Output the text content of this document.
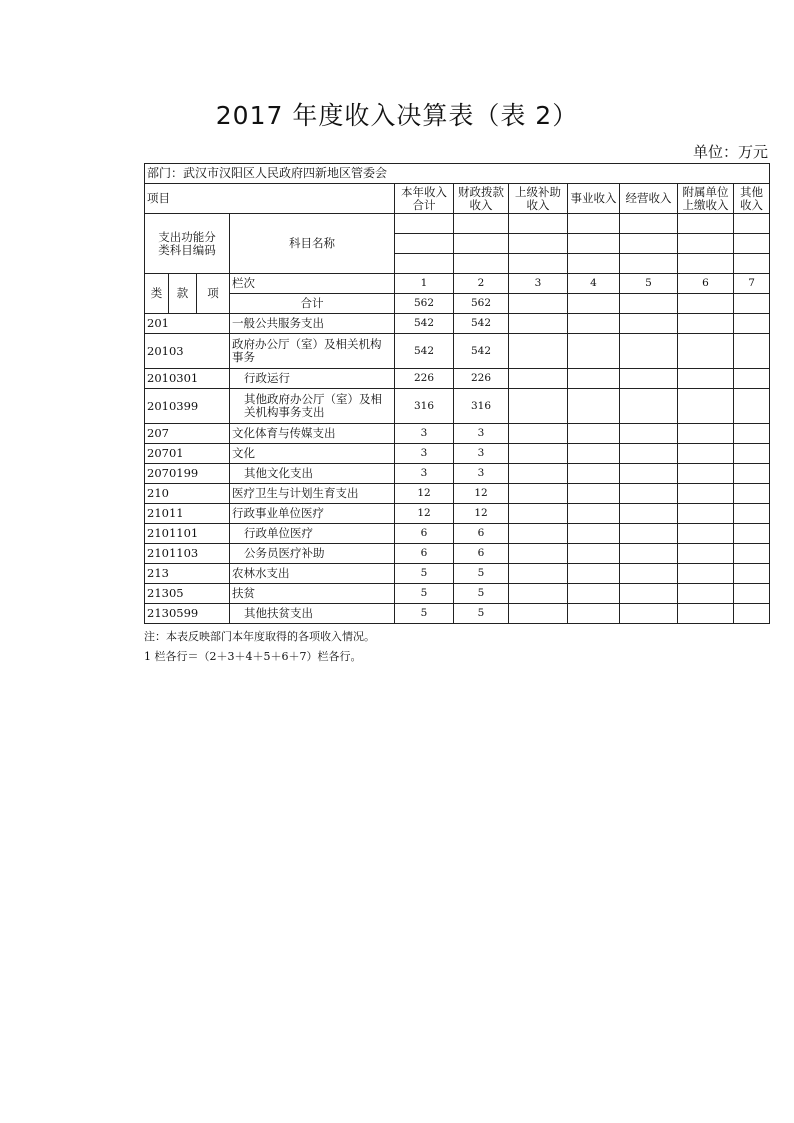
2017 年度收入决算表（表 2）
单位：万元
部门：武汉市汉阳区人民政府四新地区管委会										
项目				本年收入合计	财政拨款收入	上级补助收入	事业收入	经营收入	附属单位上缴收入	其他收入
支出功能分类科目编码			科目名称							

类	款	项	栏次	1	2	3	4	5	6	7
			合计	562	562					
201			一般公共服务支出	542	542					
20103			政府办公厅（室）及相关机构事务	542	542					
2010301			行政运行	226	226					
2010399			其他政府办公厅（室）及相关机构事务支出	316	316					
207			文化体育与传媒支出	3	3					
20701			文化	3	3					
2070199			其他文化支出	3	3					
210			医疗卫生与计划生育支出	12	12					
21011			行政事业单位医疗	12	12					
2101101			行政单位医疗	6	6					
2101103			公务员医疗补助	6	6					
213			农林水支出	5	5					
21305			扶贫	5	5					
2130599			其他扶贫支出	5	5					
注：本表反映部门本年度取得的各项收入情况。
1 栏各行＝（2＋3＋4＋5＋6＋7）栏各行。
